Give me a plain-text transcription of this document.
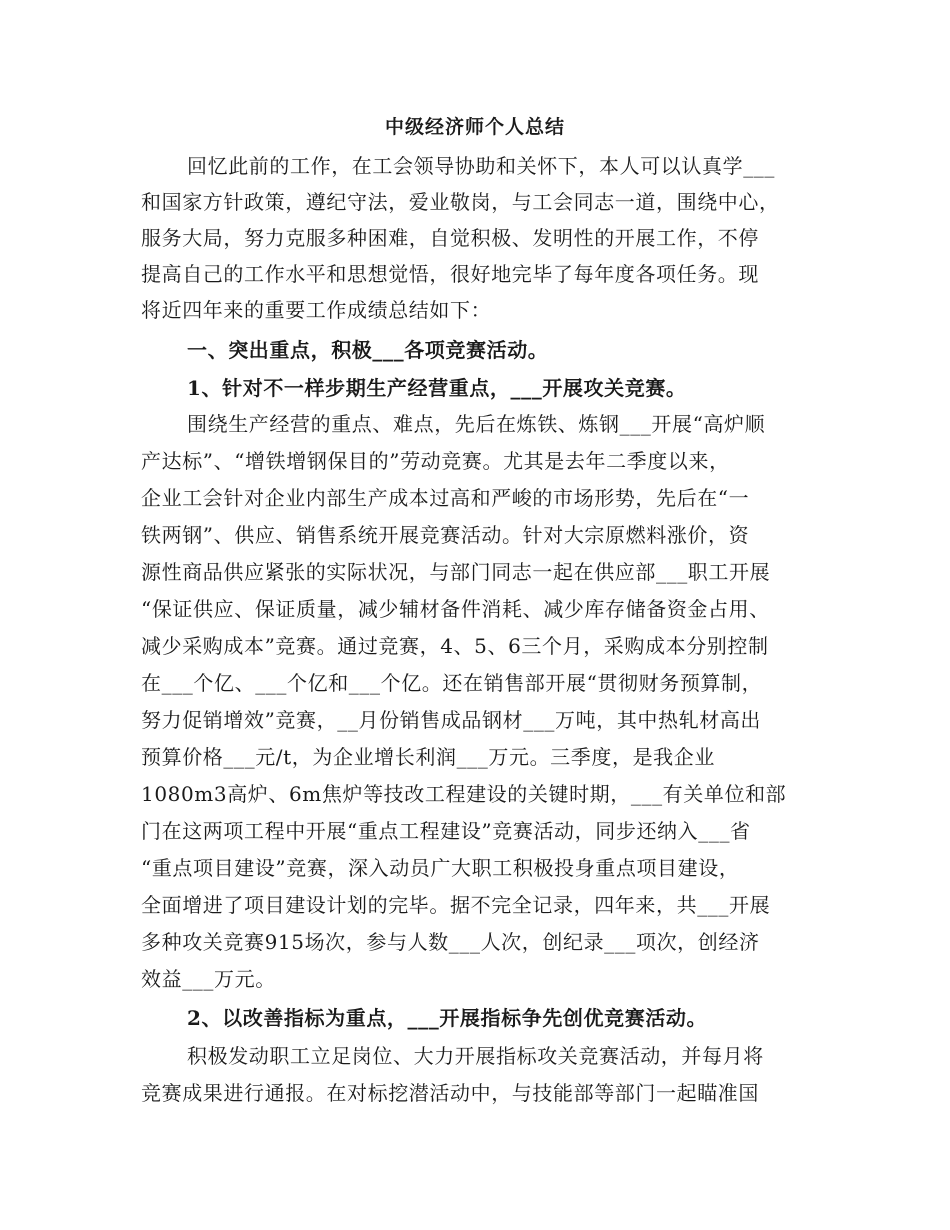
中级经济师个人总结
回忆此前的工作，在工会领导协助和关怀下，本人可以认真学___
和国家方针政策，遵纪守法，爱业敬岗，与工会同志一道，围绕中心，
服务大局，努力克服多种困难，自觉积极、发明性的开展工作，不停
提高自己的工作水平和思想觉悟，很好地完毕了每年度各项任务。现
将近四年来的重要工作成绩总结如下：
一、突出重点，积极___各项竞赛活动。
1、针对不一样步期生产经营重点，___开展攻关竞赛。
围绕生产经营的重点、难点，先后在炼铁、炼钢___开展“高炉顺
产达标”、“增铁增钢保目的”劳动竞赛。尤其是去年二季度以来，
企业工会针对企业内部生产成本过高和严峻的市场形势，先后在“一
铁两钢”、供应、销售系统开展竞赛活动。针对大宗原燃料涨价，资
源性商品供应紧张的实际状况，与部门同志一起在供应部___职工开展
“保证供应、保证质量，减少辅材备件消耗、减少库存储备资金占用、
减少采购成本”竞赛。通过竞赛，4、5、6三个月，采购成本分别控制
在___个亿、___个亿和___个亿。还在销售部开展“贯彻财务预算制，
努力促销增效”竞赛，__月份销售成品钢材___万吨，其中热轧材高出
预算价格___元/t，为企业增长利润___万元。三季度，是我企业
1080m3高炉、6m焦炉等技改工程建设的关键时期，___有关单位和部
门在这两项工程中开展“重点工程建设”竞赛活动，同步还纳入___省
“重点项目建设”竞赛，深入动员广大职工积极投身重点项目建设，
全面增进了项目建设计划的完毕。据不完全记录，四年来，共___开展
多种攻关竞赛915场次，参与人数___人次，创纪录___项次，创经济
效益___万元。
2、以改善指标为重点，___开展指标争先创优竞赛活动。
积极发动职工立足岗位、大力开展指标攻关竞赛活动，并每月将
竞赛成果进行通报。在对标挖潜活动中，与技能部等部门一起瞄准国
